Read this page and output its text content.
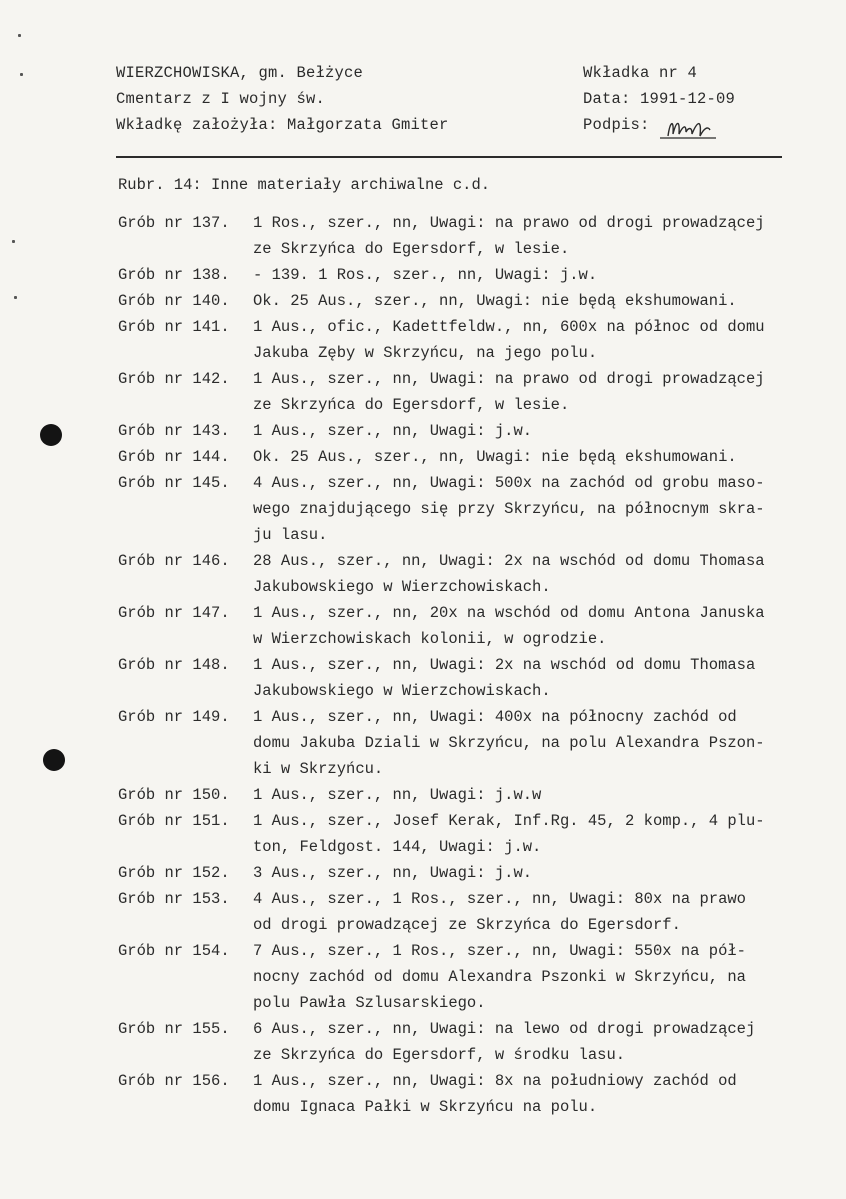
WIERZCHOWISKA, gm. Bełżyce
Cmentarz z I wojny św.
Wkładkę założyła: Małgorzata Gmiter
Wkładka nr 4
Data: 1991-12-09
Podpis:
Rubr. 14: Inne materiały archiwalne c.d.
Grób nr 137.	1 Ros., szer., nn, Uwagi: na prawo od drogi prowadzącej
ze Skrzyńca do Egersdorf, w lesie.
Grób nr 138.	- 139. 1 Ros., szer., nn, Uwagi: j.w.
Grób nr 140.	Ok. 25 Aus., szer., nn, Uwagi: nie będą ekshumowani.
Grób nr 141.	1 Aus., ofic., Kadettfeldw., nn, 600x na północ od domu
Jakuba Zęby w Skrzyńcu, na jego polu.
Grób nr 142.	1 Aus., szer., nn, Uwagi: na prawo od drogi prowadzącej
ze Skrzyńca do Egersdorf, w lesie.
Grób nr 143.	1 Aus., szer., nn, Uwagi: j.w.
Grób nr 144.	Ok. 25 Aus., szer., nn, Uwagi: nie będą ekshumowani.
Grób nr 145.	4 Aus., szer., nn, Uwagi: 500x na zachód od grobu maso-
wego znajdującego się przy Skrzyńcu, na północnym skra-
ju lasu.
Grób nr 146.	28 Aus., szer., nn, Uwagi: 2x na wschód od domu Thomasa
Jakubowskiego w Wierzchowiskach.
Grób nr 147.	1 Aus., szer., nn, 20x na wschód od domu Antona Januska
w Wierzchowiskach kolonii, w ogrodzie.
Grób nr 148.	1 Aus., szer., nn, Uwagi: 2x na wschód od domu Thomasa
Jakubowskiego w Wierzchowiskach.
Grób nr 149.	1 Aus., szer., nn, Uwagi: 400x na północny zachód od
domu Jakuba Dziali w Skrzyńcu, na polu Alexandra Pszon-
ki w Skrzyńcu.
Grób nr 150.	1 Aus., szer., nn, Uwagi: j.w.w
Grób nr 151.	1 Aus., szer., Josef Kerak, Inf.Rg. 45, 2 komp., 4 plu-
ton, Feldgost. 144, Uwagi: j.w.
Grób nr 152.	3 Aus., szer., nn, Uwagi: j.w.
Grób nr 153.	4 Aus., szer., 1 Ros., szer., nn, Uwagi: 80x na prawo
od drogi prowadzącej ze Skrzyńca do Egersdorf.
Grób nr 154.	7 Aus., szer., 1 Ros., szer., nn, Uwagi: 550x na pół-
nocny zachód od domu Alexandra Pszonki w Skrzyńcu, na
polu Pawła Szlusarskiego.
Grób nr 155.	6 Aus., szer., nn, Uwagi: na lewo od drogi prowadzącej
ze Skrzyńca do Egersdorf, w środku lasu.
Grób nr 156.	1 Aus., szer., nn, Uwagi: 8x na południowy zachód od
domu Ignaca Pałki w Skrzyńcu na polu.
